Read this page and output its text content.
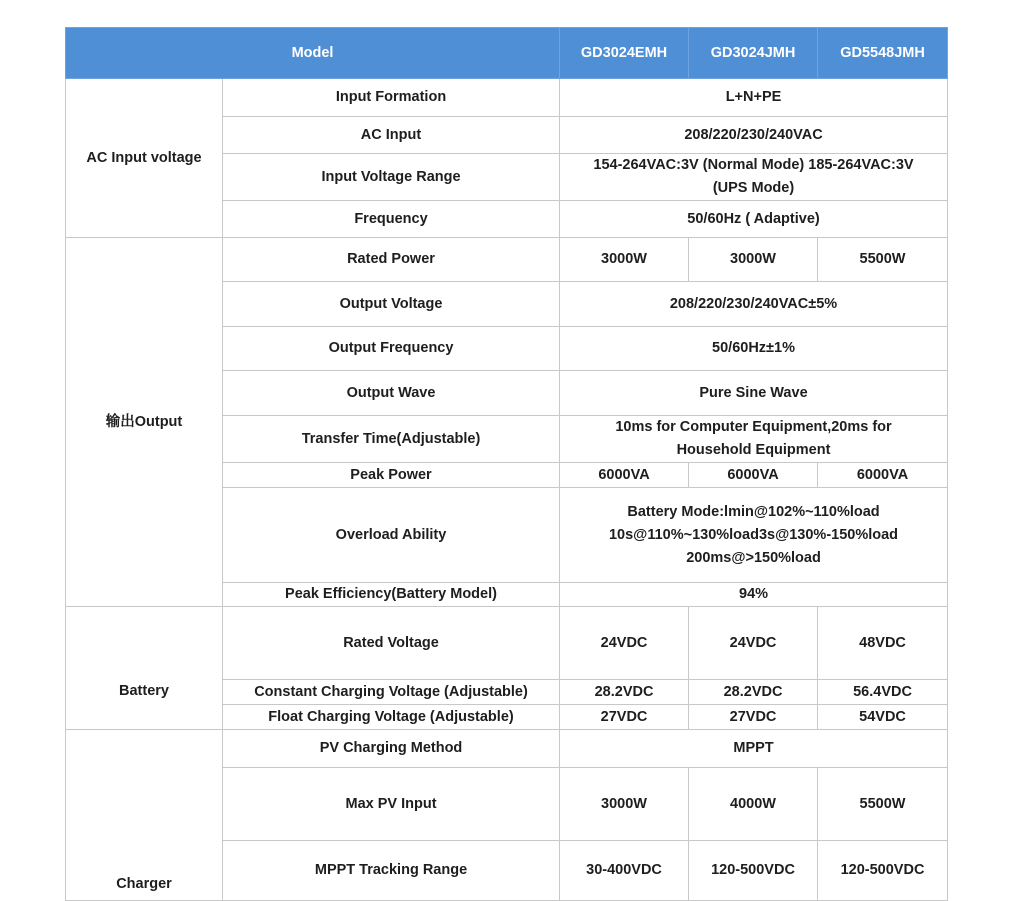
Model		GD3024EMH	GD3024JMH	GD5548JMH
AC Input voltage	Input Formation	L+N+PE		
	AC Input	208/220/230/240VAC		
	Input Voltage Range	154-264VAC:3V (Normal Mode) 185-264VAC:3V (UPS Mode)		
	Frequency	50/60Hz ( Adaptive)		
输出Output	Rated Power	3000W	3000W	5500W
	Output Voltage	208/220/230/240VAC±5%		
	Output Frequency	50/60Hz±1%		
	Output Wave	Pure Sine Wave		
	Transfer Time(Adjustable)	10ms for Computer Equipment,20ms for Household Equipment		
	Peak Power	6000VA	6000VA	6000VA
	Overload Ability	Battery Mode:lmin@102%~110%load
10s@110%~130%load3s@130%-150%load
200ms@>150%load		

	Peak Efficiency(Battery Model)	94%		
Battery	Rated Voltage	24VDC	24VDC	48VDC
	Constant Charging Voltage (Adjustable)	28.2VDC	28.2VDC	56.4VDC
	Float Charging Voltage (Adjustable)	27VDC	27VDC	54VDC
Charger	PV Charging Method	MPPT		
	Max PV Input	3000W	4000W	5500W
	MPPT Tracking Range	30-400VDC	120-500VDC	120-500VDC
